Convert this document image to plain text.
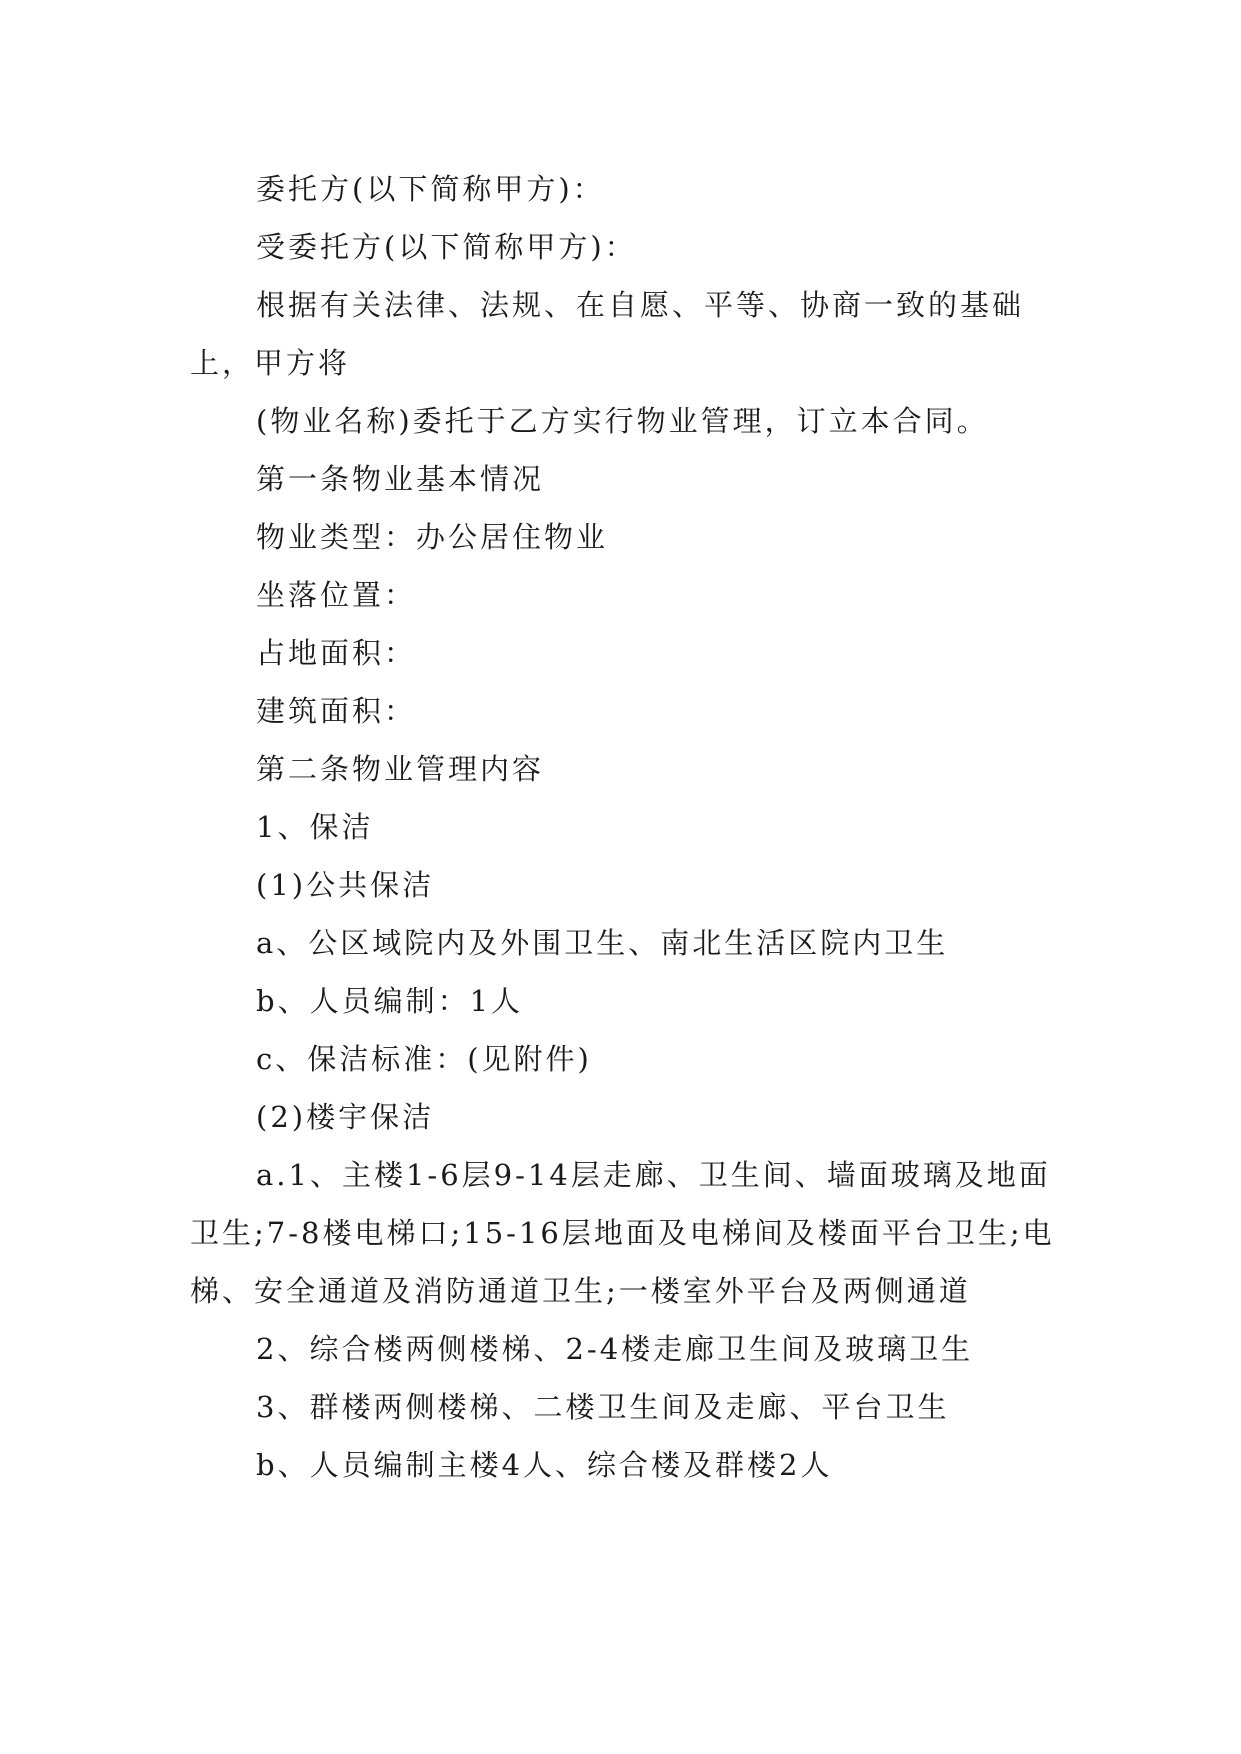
委托方(以下简称甲方)：

受委托方(以下简称甲方)：

根据有关法律、法规、在自愿、平等、协商一致的基础上，甲方将

(物业名称)委托于乙方实行物业管理，订立本合同。

第一条物业基本情况

物业类型：办公居住物业

坐落位置：

占地面积：

建筑面积：

第二条物业管理内容

1、保洁

(1)公共保洁

a、公区域院内及外围卫生、南北生活区院内卫生

b、人员编制：1人

c、保洁标准：(见附件)

(2)楼宇保洁

a.1、主楼1-6层9-14层走廊、卫生间、墙面玻璃及地面卫生;7-8楼电梯口;15-16层地面及电梯间及楼面平台卫生;电梯、安全通道及消防通道卫生;一楼室外平台及两侧通道

2、综合楼两侧楼梯、2-4楼走廊卫生间及玻璃卫生

3、群楼两侧楼梯、二楼卫生间及走廊、平台卫生

b、人员编制主楼4人、综合楼及群楼2人
